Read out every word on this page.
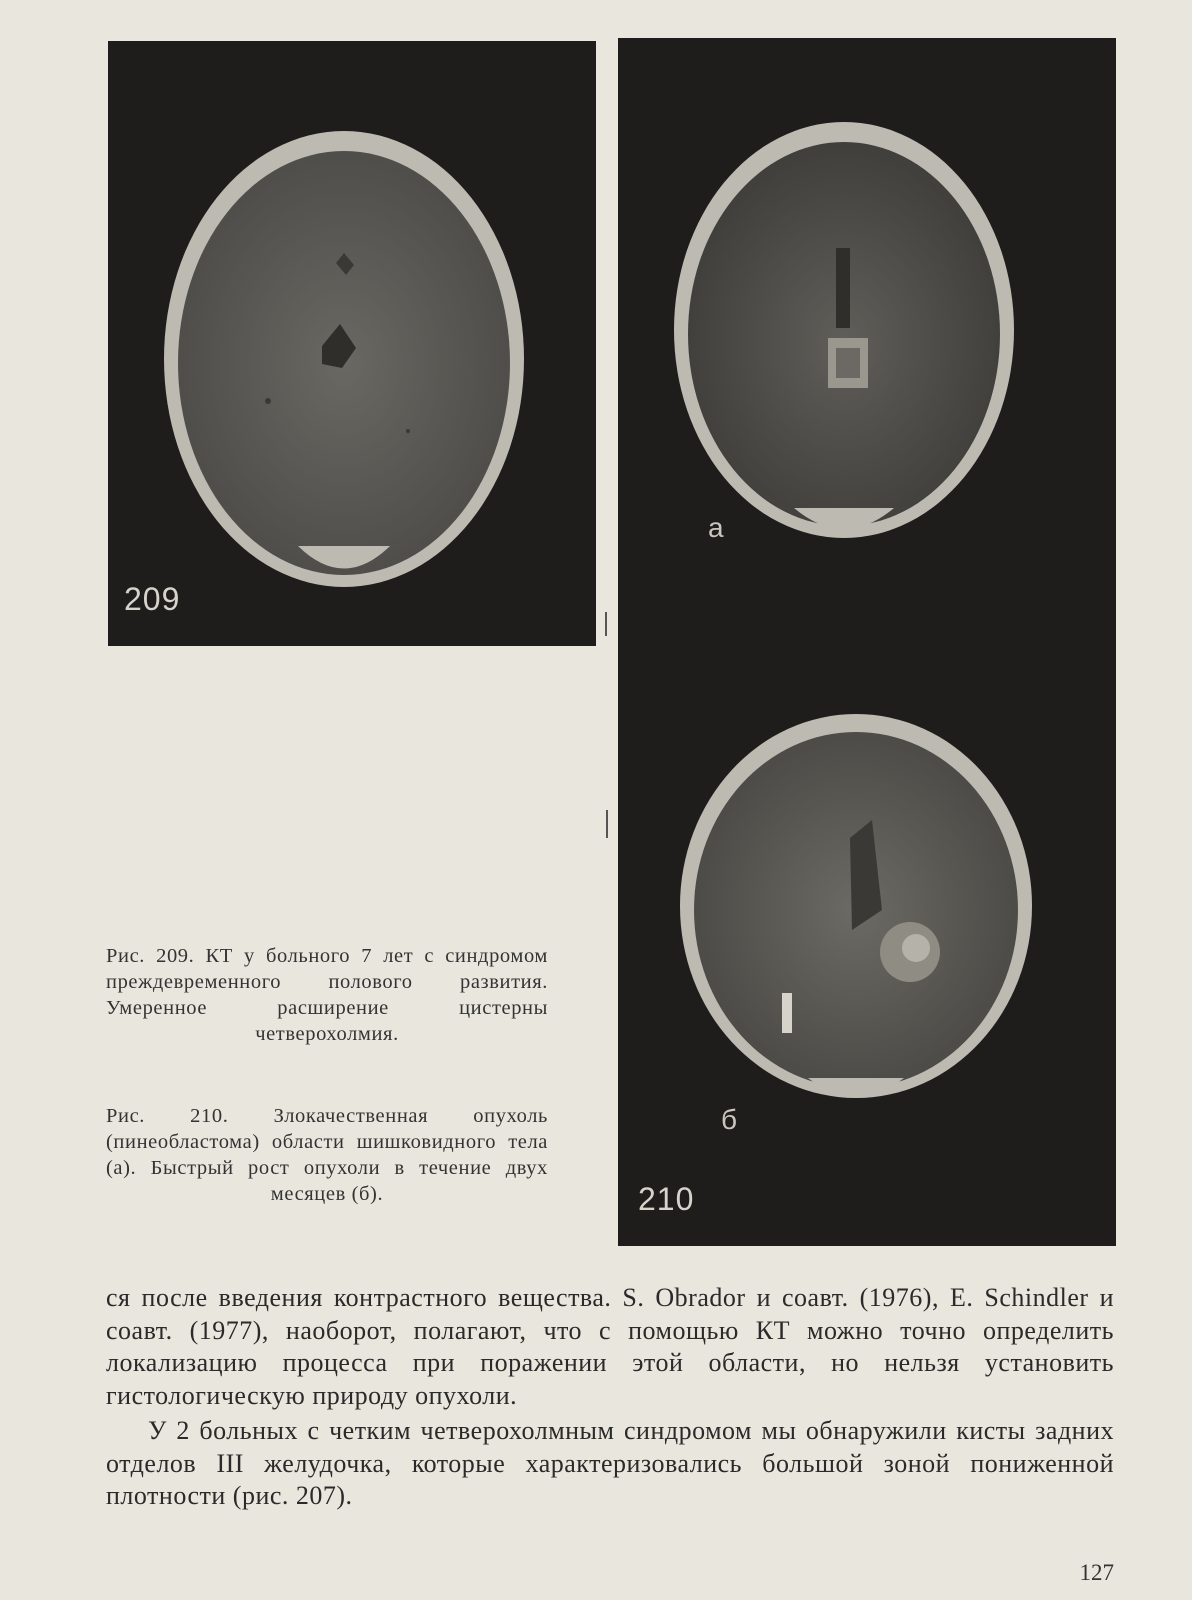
209
а
б
210
Рис. 209. КТ у больного 7 лет с синдромом преждевременного полового развития. Умеренное расширение цистерны четверохолмия.
Рис. 210. Злокачественная опухоль (пинеобластома) области шишковидного тела (а). Быстрый рост опухоли в течение двух месяцев (б).

ся после введения контрастного вещества. S. Obrador и соавт. (1976), E. Schindler и соавт. (1977), наоборот, полагают, что с помощью КТ можно точно определить локализацию процесса при поражении этой области, но нельзя установить гистологическую природу опухоли.

У 2 больных с четким четверохолмным синдромом мы обнаружили кисты задних отделов III желудочка, которые характеризовались большой зоной пониженной плотности (рис. 207).

127
